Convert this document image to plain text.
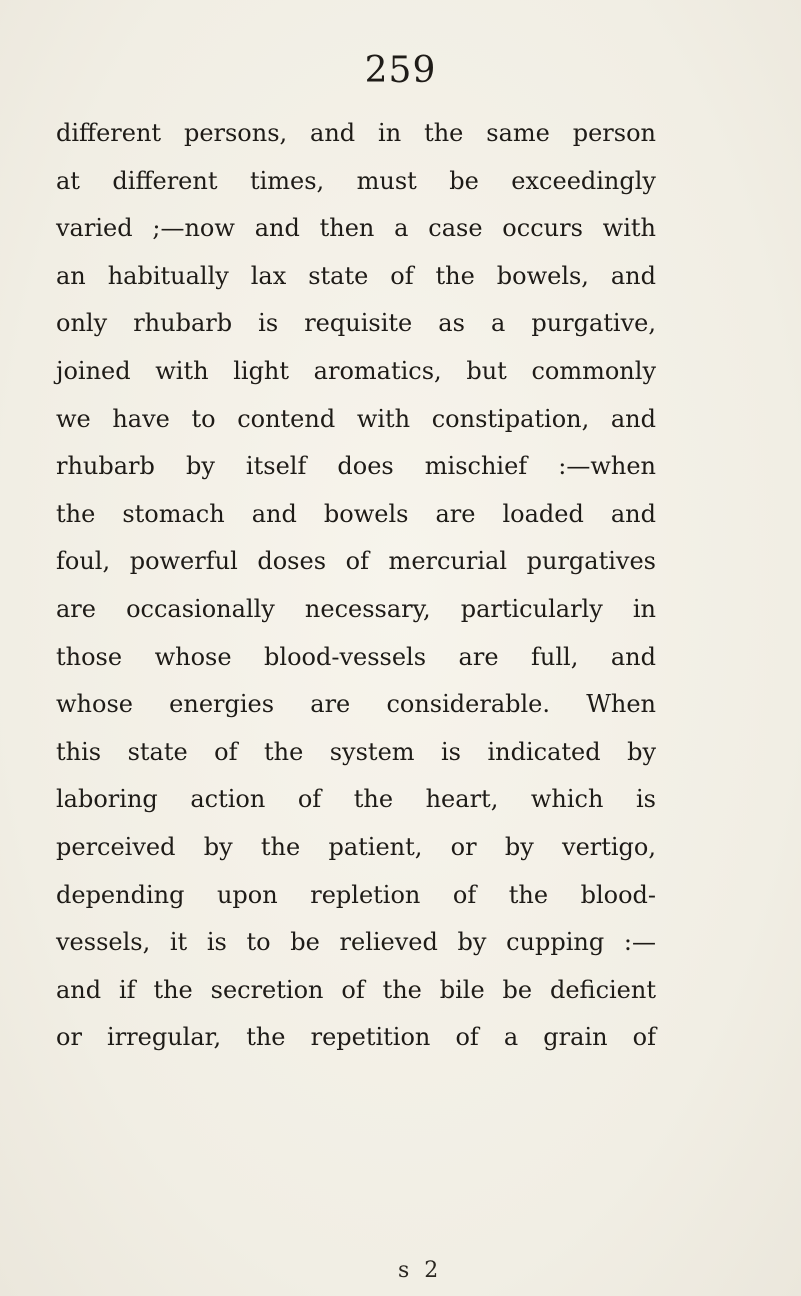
259
different persons, and in the same person
at different times, must be exceedingly
varied ;—now and then a case occurs with
an habitually lax state of the bowels, and
only rhubarb is requisite as a purgative,
joined with light aromatics, but commonly
we have to contend with constipation, and
rhubarb by itself does mischief :—when
the stomach and bowels are loaded and
foul, powerful doses of mercurial purgatives
are occasionally necessary, particularly in
those whose blood-vessels are full, and
whose energies are considerable. When
this state of the system is indicated by
laboring action of the heart, which is
perceived by the patient, or by vertigo,
depending upon repletion of the blood-
vessels, it is to be relieved by cupping :—
and if the secretion of the bile be deficient
or irregular, the repetition of a grain of
s 2
